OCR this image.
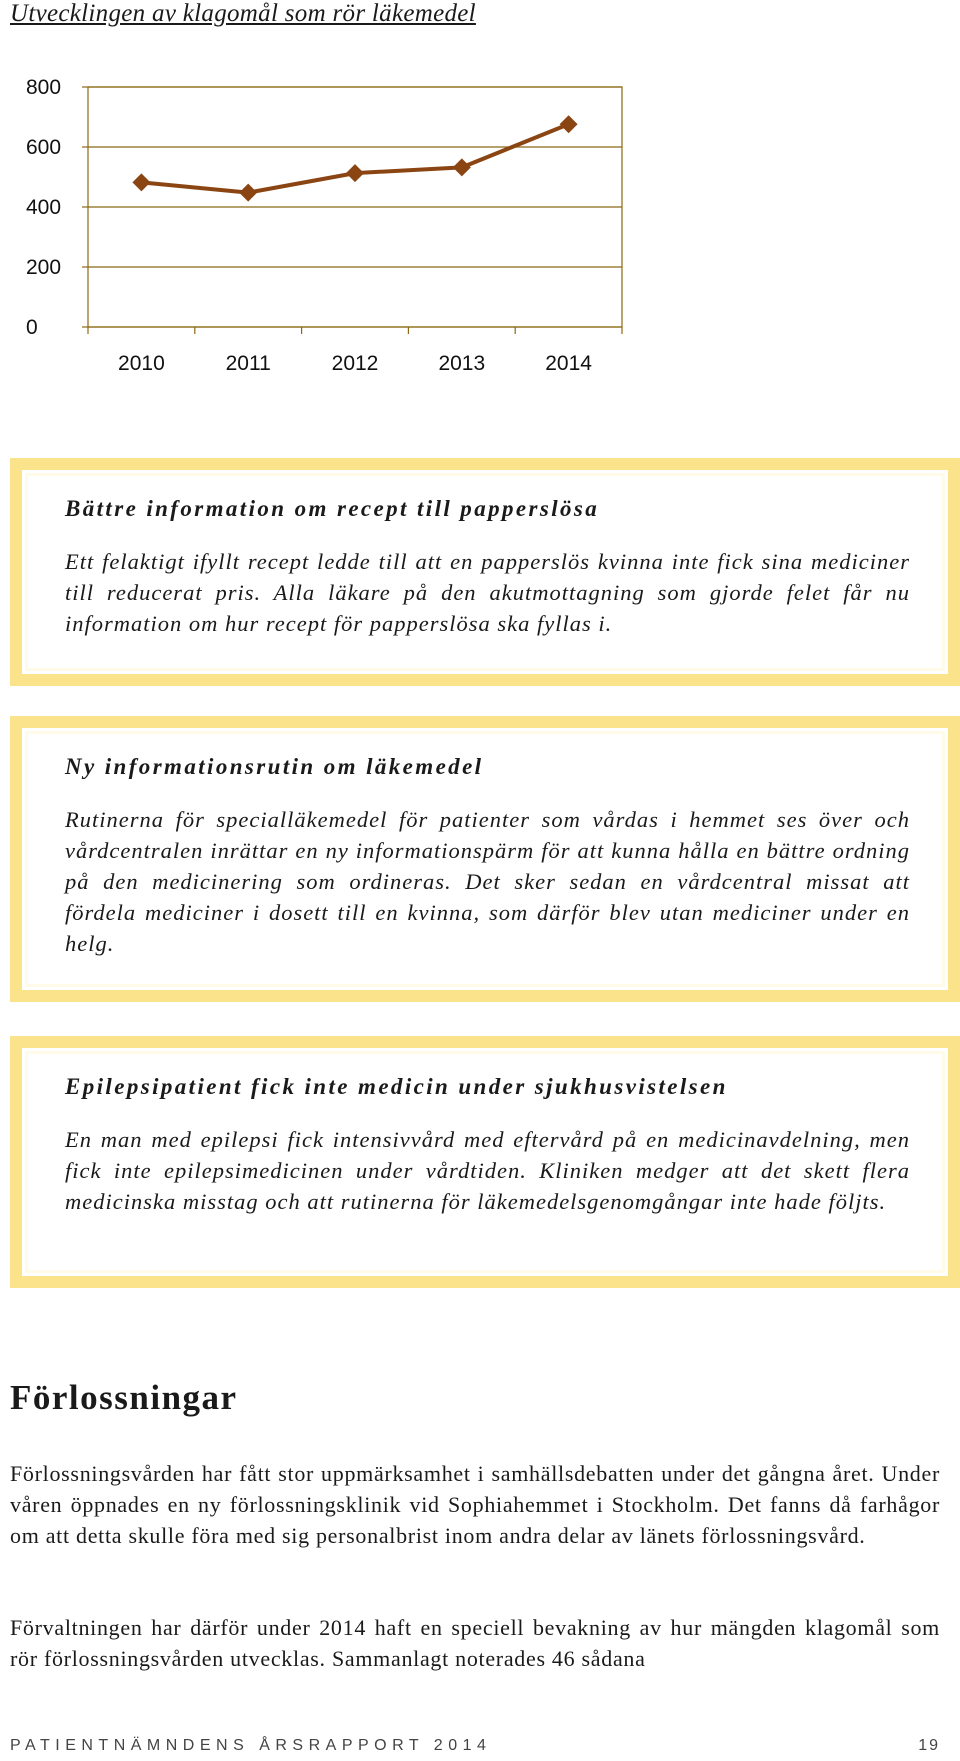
Utvecklingen av klagomål som rör läkemedel
0
200
400
600
800
2010	2011	2012	2013	2014
Bättre information om recept till papperslösa

Ett felaktigt ifyllt recept ledde till att en papperslös kvinna inte fick sina mediciner till reducerat pris. Alla läkare på den akutmottagning som gjorde felet får nu information om hur recept för papperslösa ska fyllas i.

Ny informationsrutin om läkemedel

Rutinerna för specialläkemedel för patienter som vårdas i hemmet ses över och vårdcentralen inrättar en ny informationspärm för att kunna hålla en bättre ordning på den medicinering som ordineras. Det sker sedan en vårdcentral missat att fördela mediciner i dosett till en kvinna, som därför blev utan mediciner under en helg.

Epilepsipatient fick inte medicin under sjukhusvistelsen

En man med epilepsi fick intensivvård med eftervård på en medicinavdelning, men fick inte epilepsimedicinen under vårdtiden. Kliniken medger att det skett flera medicinska misstag och att rutinerna för läkemedelsgenomgångar inte hade följts.

Förlossningar

Förlossningsvården har fått stor uppmärksamhet i samhällsdebatten under det gångna året. Under våren öppnades en ny förlossningsklinik vid Sophiahemmet i Stockholm. Det fanns då farhågor om att detta skulle föra med sig personalbrist inom andra delar av länets förlossningsvård.

Förvaltningen har därför under 2014 haft en speciell bevakning av hur mängden klagomål som rör förlossningsvården utvecklas. Sammanlagt noterades 46 sådana

PATIENTNÄMNDENS ÅRSRAPPORT 2014	19
